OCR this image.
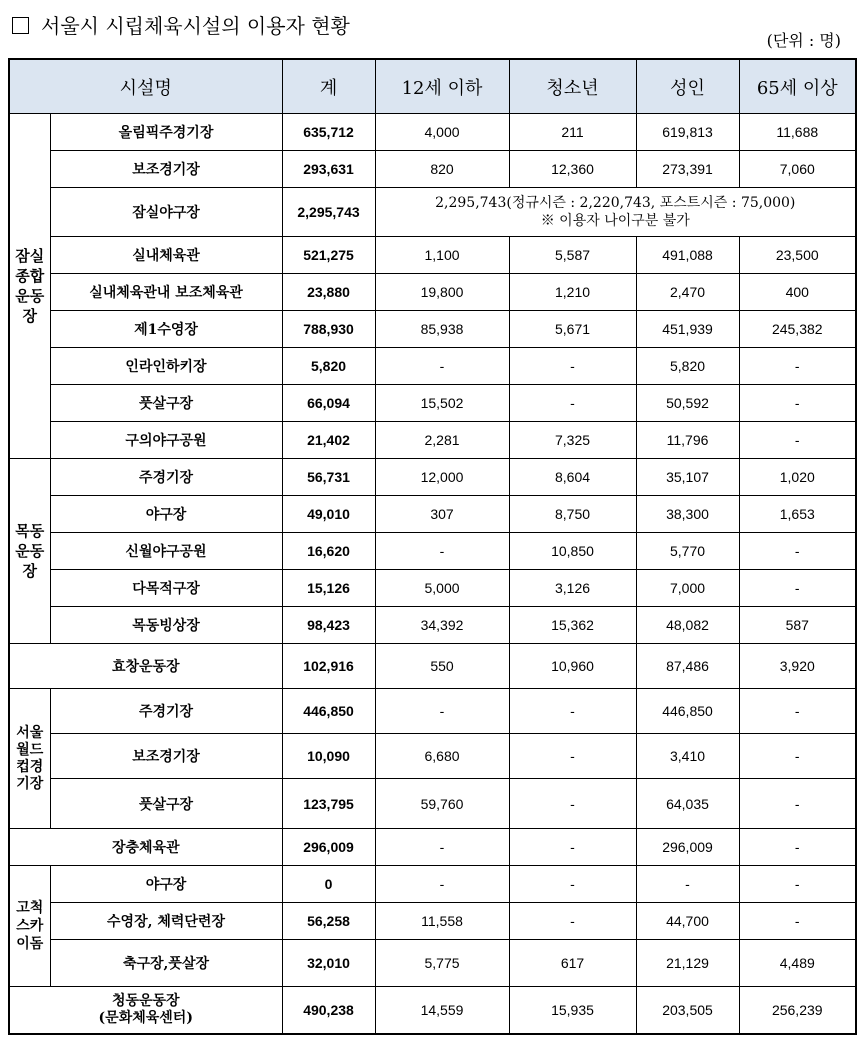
서울시 시립체육시설의 이용자 현황
(단위 : 명)
시설명		계	12세 이하	청소년	성인	65세 이상
잠실종합운동장	올림픽주경기장	635,712	4,000	211	619,813	11,688
	보조경기장	293,631	820	12,360	273,391	7,060
	잠실야구장	2,295,743	2,295,743(정규시즌 : 2,220,743, 포스트시즌 : 75,000)
※ 이용자 나이구분 불가			

	실내체육관	521,275	1,100	5,587	491,088	23,500
	실내체육관내 보조체육관	23,880	19,800	1,210	2,470	400
	제1수영장	788,930	85,938	5,671	451,939	245,382
	인라인하키장	5,820	-	-	5,820	-
	풋살구장	66,094	15,502	-	50,592	-
	구의야구공원	21,402	2,281	7,325	11,796	-
목동운동장	주경기장	56,731	12,000	8,604	35,107	1,020
	야구장	49,010	307	8,750	38,300	1,653
	신월야구공원	16,620	-	10,850	5,770	-
	다목적구장	15,126	5,000	3,126	7,000	-
	목동빙상장	98,423	34,392	15,362	48,082	587
효창운동장		102,916	550	10,960	87,486	3,920
서울월드컵경기장	주경기장	446,850	-	-	446,850	-
	보조경기장	10,090	6,680	-	3,410	-
	풋살구장	123,795	59,760	-	64,035	-
장충체육관		296,009	-	-	296,009	-
고척스카이돔	야구장	0	-	-	-	-
	수영장, 체력단련장	56,258	11,558	-	44,700	-
	축구장,풋살장	32,010	5,775	617	21,129	4,489

청동운동장
(문화체육센터)		490,238	14,559	15,935	203,505	256,239
